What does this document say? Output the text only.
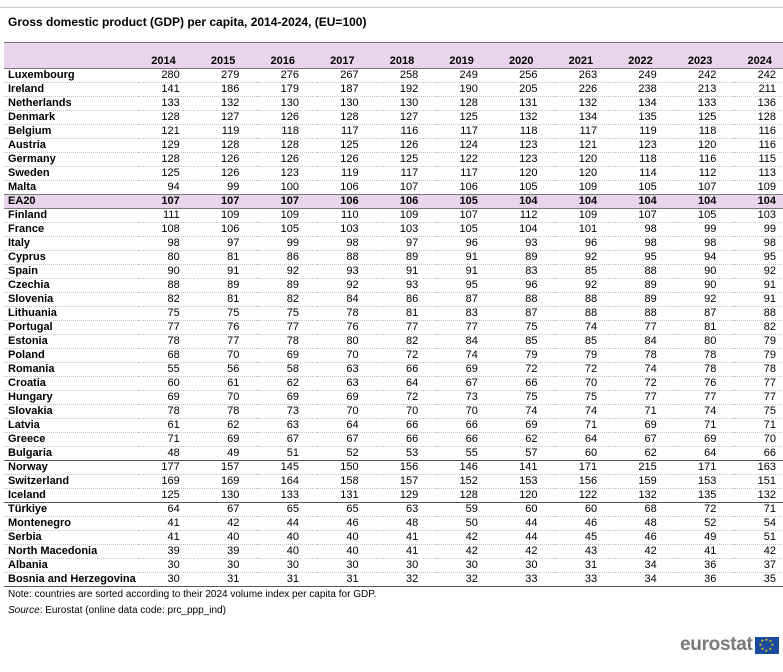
Gross domestic product (GDP) per capita, 2014-2024, (EU=100)
	2014	2015	2016	2017	2018	2019	2020	2021	2022	2023	2024
Luxembourg	280	279	276	267	258	249	256	263	249	242	242
Ireland	141	186	179	187	192	190	205	226	238	213	211
Netherlands	133	132	130	130	130	128	131	132	134	133	136
Denmark	128	127	126	128	127	125	132	134	135	125	128
Belgium	121	119	118	117	116	117	118	117	119	118	116
Austria	129	128	128	125	126	124	123	121	123	120	116
Germany	128	126	126	126	125	122	123	120	118	116	115
Sweden	125	126	123	119	117	117	120	120	114	112	113
Malta	94	99	100	106	107	106	105	109	105	107	109
EA20	107	107	107	106	106	105	104	104	104	104	104
Finland	111	109	109	110	109	107	112	109	107	105	103
France	108	106	105	103	103	105	104	101	98	99	99
Italy	98	97	99	98	97	96	93	96	98	98	98
Cyprus	80	81	86	88	89	91	89	92	95	94	95
Spain	90	91	92	93	91	91	83	85	88	90	92
Czechia	88	89	89	92	93	95	96	92	89	90	91
Slovenia	82	81	82	84	86	87	88	88	89	92	91
Lithuania	75	75	75	78	81	83	87	88	88	87	88
Portugal	77	76	77	76	77	77	75	74	77	81	82
Estonia	78	77	78	80	82	84	85	85	84	80	79
Poland	68	70	69	70	72	74	79	79	78	78	79
Romania	55	56	58	63	66	69	72	72	74	78	78
Croatia	60	61	62	63	64	67	66	70	72	76	77
Hungary	69	70	69	69	72	73	75	75	77	77	77
Slovakia	78	78	73	70	70	70	74	74	71	74	75
Latvia	61	62	63	64	66	66	69	71	69	71	71
Greece	71	69	67	67	66	66	62	64	67	69	70
Bulgaria	48	49	51	52	53	55	57	60	62	64	66
Norway	177	157	145	150	156	146	141	171	215	171	163
Switzerland	169	169	164	158	157	152	153	156	159	153	151
Iceland	125	130	133	131	129	128	120	122	132	135	132
Türkiye	64	67	65	65	63	59	60	60	68	72	71
Montenegro	41	42	44	46	48	50	44	46	48	52	54
Serbia	41	40	40	40	41	42	44	45	46	49	51
North Macedonia	39	39	40	40	41	42	42	43	42	41	42
Albania	30	30	30	30	30	30	30	31	34	36	37
Bosnia and Herzegovina	30	31	31	31	32	32	33	33	34	36	35
Note: countries are sorted according to their 2024 volume index per capita for GDP.
Source: Eurostat (online data code: prc_ppp_ind)
eurostat	★ ★
★
★
★
★
★
★
